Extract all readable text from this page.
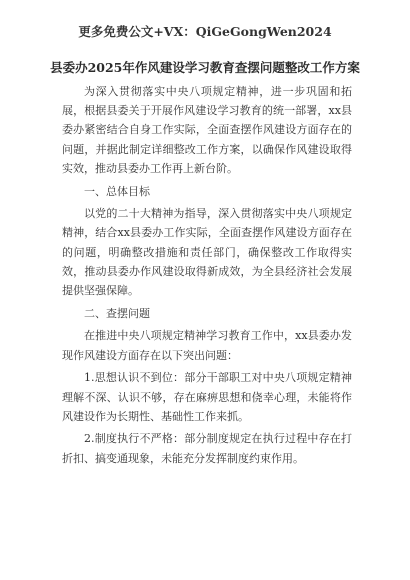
更多免费公文+VX：QiGeGongWen2024
县委办2025年作风建设学习教育查摆问题整改工作方案

为深入贯彻落实中央八项规定精神，进一步巩固和拓展，根据县委关于开展作风建设学习教育的统一部署，xx县委办紧密结合自身工作实际，全面查摆作风建设方面存在的问题，并据此制定详细整改工作方案，以确保作风建设取得实效，推动县委办工作再上新台阶。

一、总体目标

以党的二十大精神为指导，深入贯彻落实中央八项规定精神，结合xx县委办工作实际，全面查摆作风建设方面存在的问题，明确整改措施和责任部门，确保整改工作取得实效，推动县委办作风建设取得新成效，为全县经济社会发展提供坚强保障。

二、查摆问题

在推进中央八项规定精神学习教育工作中，xx县委办发现作风建设方面存在以下突出问题：

1.思想认识不到位：部分干部职工对中央八项规定精神理解不深、认识不够，存在麻痹思想和侥幸心理，未能将作风建设作为长期性、基础性工作来抓。

2.制度执行不严格：部分制度规定在执行过程中存在打折扣、搞变通现象，未能充分发挥制度约束作用。
